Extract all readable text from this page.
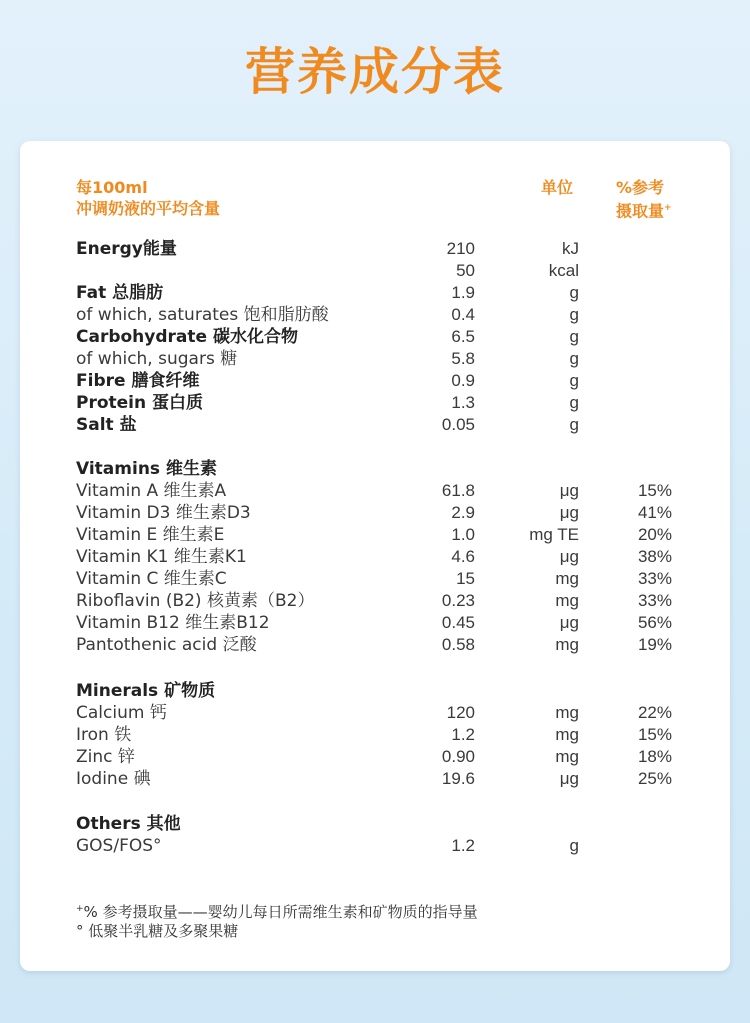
营养成分表
每100ml
冲调奶液的平均含量
单位	%参考
摄取量+
Energy能量	210	kJ
50	kcal
Fat 总脂肪	1.9	g
of which, saturates 饱和脂肪酸	0.4	g
Carbohydrate 碳水化合物	6.5	g
of which, sugars 糖	5.8	g
Fibre 膳食纤维	0.9	g
Protein 蛋白质	1.3	g
Salt 盐	0.05	g
Vitamins 维生素
Vitamin A 维生素A	61.8	μg	15%
Vitamin D3 维生素D3	2.9	μg	41%
Vitamin E 维生素E	1.0	mg TE	20%
Vitamin K1 维生素K1	4.6	μg	38%
Vitamin C 维生素C	15	mg	33%
Riboflavin (B2) 核黄素（B2）	0.23	mg	33%
Vitamin B12 维生素B12	0.45	μg	56%
Pantothenic acid 泛酸	0.58	mg	19%
Minerals 矿物质
Calcium 钙	120	mg	22%
Iron 铁	1.2	mg	15%
Zinc 锌	0.90	mg	18%
Iodine 碘	19.6	μg	25%
Others 其他
GOS/FOS°	1.2	g
+% 参考摄取量——婴幼儿每日所需维生素和矿物质的指导量
° 低聚半乳糖及多聚果糖
